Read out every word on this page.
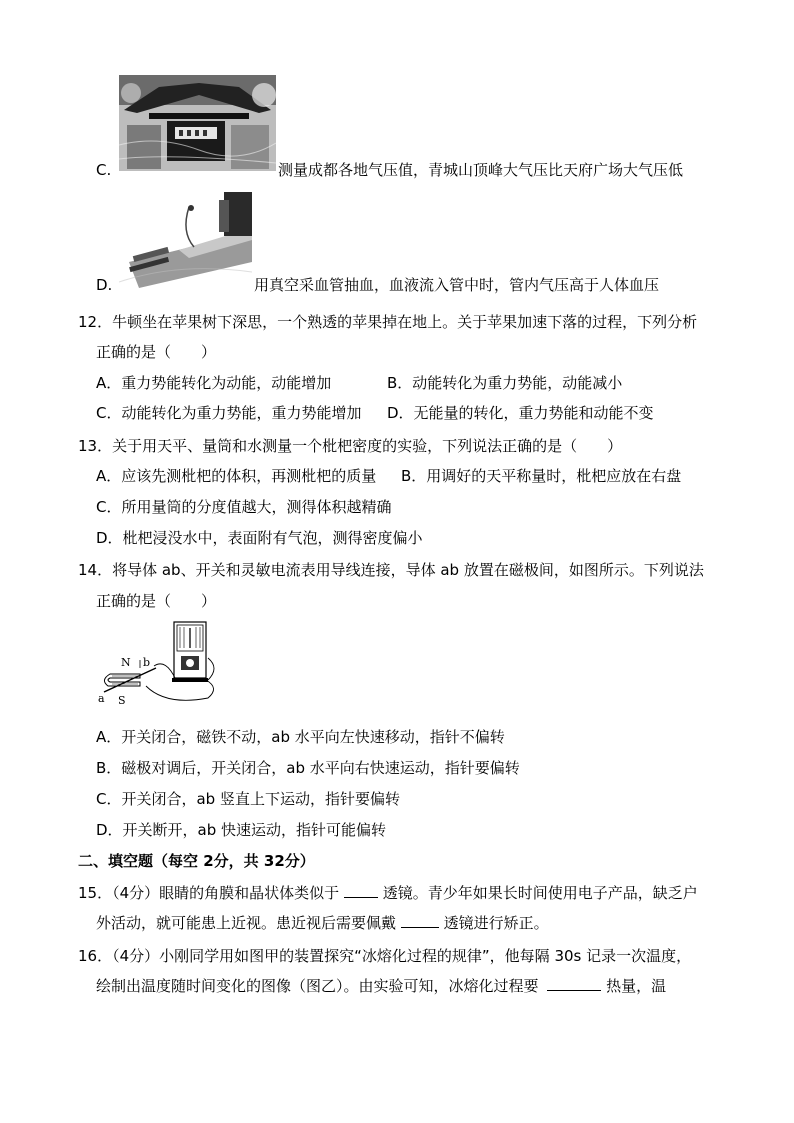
C.	测量成都各地气压值，青城山顶峰大气压比天府广场大气压低
D.	用真空采血管抽血，血液流入管中时，管内气压高于人体血压
12．牛顿坐在苹果树下深思，一个熟透的苹果掉在地上。关于苹果加速下落的过程，下列分析
正确的是（　　）
A．重力势能转化为动能，动能增加	B．动能转化为重力势能，动能减小
C．动能转化为重力势能，重力势能增加 D．无能量的转化，重力势能和动能不变
13．关于用天平、量筒和水测量一个枇杷密度的实验，下列说法正确的是（　　）
A．应该先测枇杷的体积，再测枇杷的质量 B．用调好的天平称量时，枇杷应放在右盘
C．所用量筒的分度值越大，测得体积越精确
D．枇杷浸没水中，表面附有气泡，测得密度偏小
14．将导体 ab、开关和灵敏电流表用导线连接，导体 ab 放置在磁极间，如图所示。下列说法
正确的是（　　）
N b
a S
A．开关闭合，磁铁不动，ab 水平向左快速移动，指针不偏转
B．磁极对调后，开关闭合，ab 水平向右快速运动，指针要偏转
C．开关闭合，ab 竖直上下运动，指针要偏转
D．开关断开，ab 快速运动，指针可能偏转
二、填空题（每空 2分，共 32分）
15．（4分）眼睛的角膜和晶状体类似于	透镜。青少年如果长时间使用电子产品，缺乏户
外活动，就可能患上近视。患近视后需要佩戴	透镜进行矫正。
16．（4分）小刚同学用如图甲的装置探究“冰熔化过程的规律”，他每隔 30s 记录一次温度，
绘制出温度随时间变化的图像（图乙）。由实验可知，冰熔化过程要	热量，温
